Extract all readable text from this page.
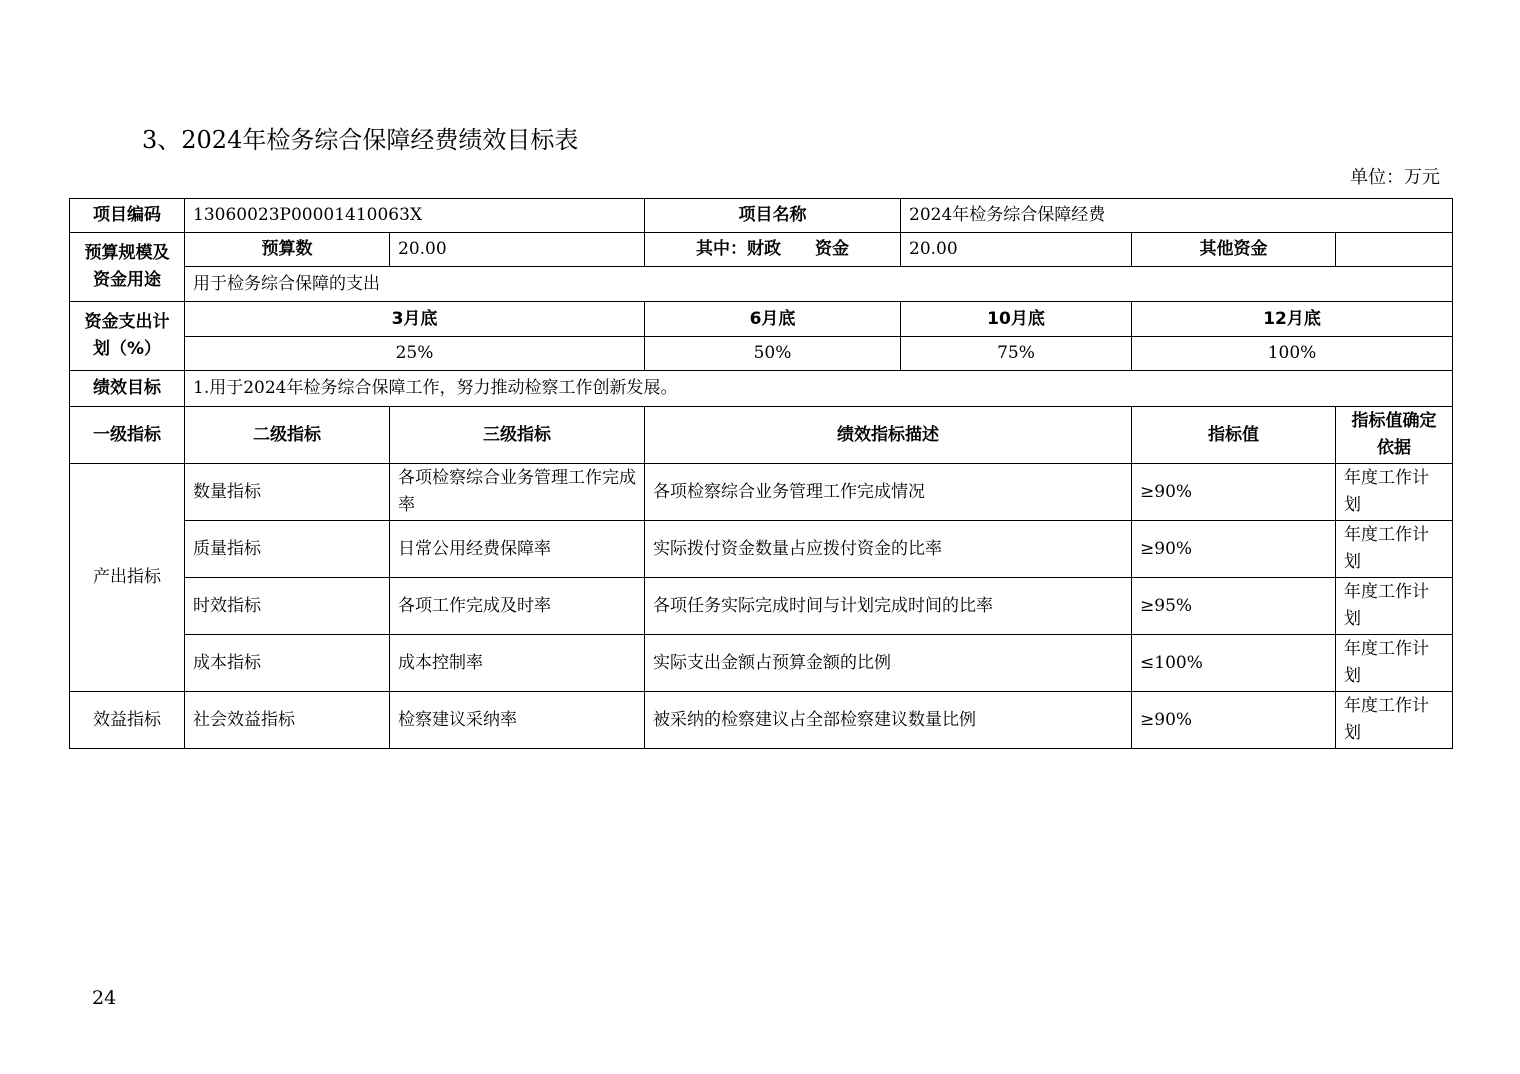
3、2024年检务综合保障经费绩效目标表
单位：万元
项目编码	13060023P00001410063X		项目名称	2024年检务综合保障经费		
预算规模及资金用途	预算数	20.00	其中：财政　　资金	20.00	其他资金	
	用于检务综合保障的支出					
资金支出计划（%）	3月底		6月底	10月底	12月底	
	25%		50%	75%	100%	
绩效目标	1.用于2024年检务综合保障工作，努力推动检察工作创新发展。					
一级指标	二级指标	三级指标	绩效指标描述		指标值	指标值确定依据
产出指标	数量指标	各项检察综合业务管理工作完成率	各项检察综合业务管理工作完成情况		≥90%	年度工作计划
	质量指标	日常公用经费保障率	实际拨付资金数量占应拨付资金的比率		≥90%	年度工作计划
	时效指标	各项工作完成及时率	各项任务实际完成时间与计划完成时间的比率		≥95%	年度工作计划
	成本指标	成本控制率	实际支出金额占预算金额的比例		≤100%	年度工作计划
效益指标	社会效益指标	检察建议采纳率	被采纳的检察建议占全部检察建议数量比例		≥90%	年度工作计划
24
